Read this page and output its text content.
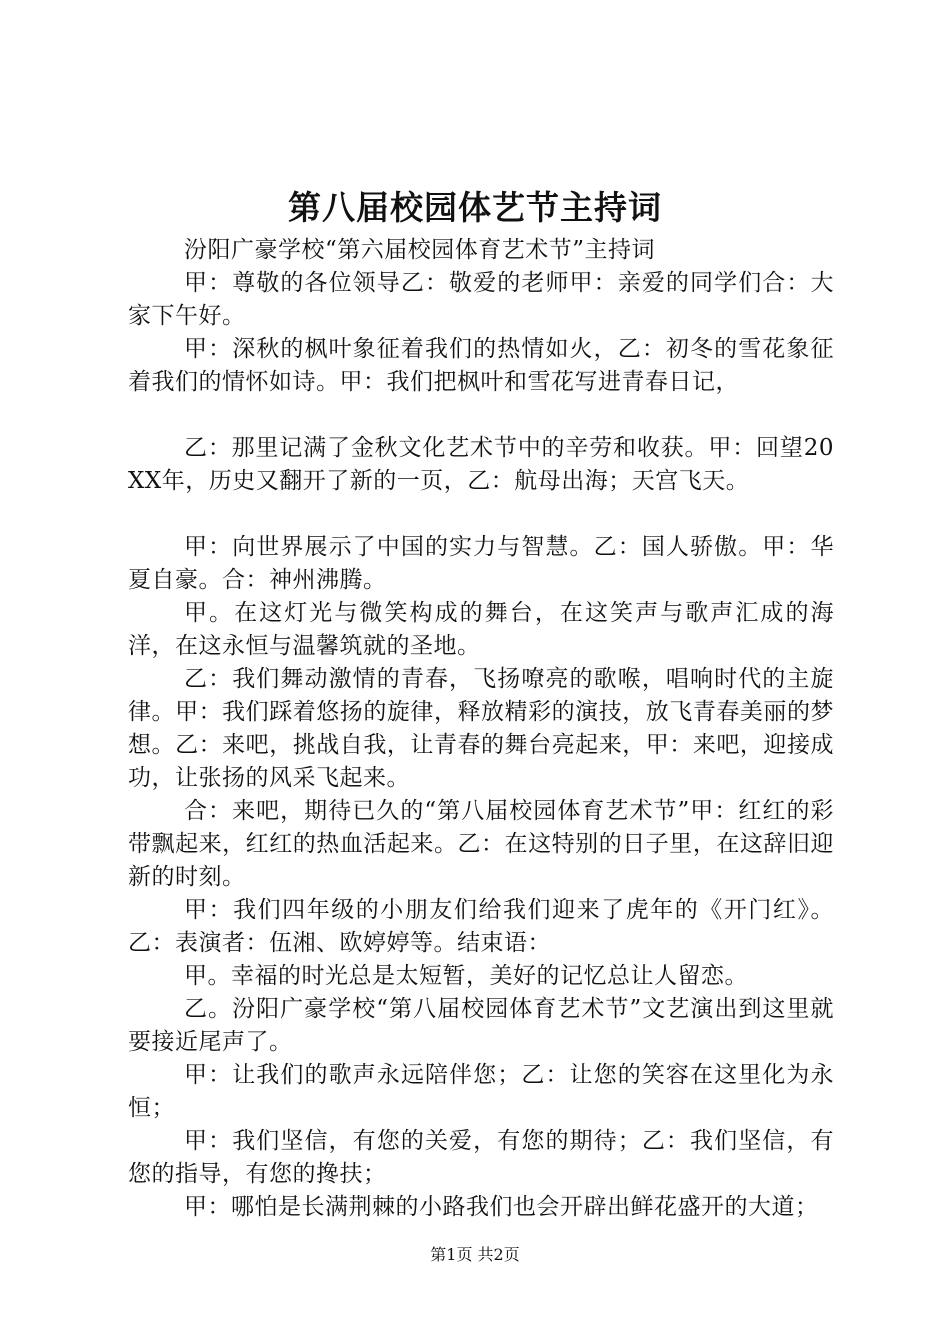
第八届校园体艺节主持词

汾阳广豪学校“第六届校园体育艺术节”主持词

甲：尊敬的各位领导乙：敬爱的老师甲：亲爱的同学们合：大家下午好。

甲：深秋的枫叶象征着我们的热情如火，乙：初冬的雪花象征着我们的情怀如诗。甲：我们把枫叶和雪花写进青春日记，

乙：那里记满了金秋文化艺术节中的辛劳和收获。甲：回望20XX年，历史又翻开了新的一页，乙：航母出海；天宫飞天。

甲：向世界展示了中国的实力与智慧。乙：国人骄傲。甲：华夏自豪。合：神州沸腾。

甲。在这灯光与微笑构成的舞台，在这笑声与歌声汇成的海洋，在这永恒与温馨筑就的圣地。

乙：我们舞动激情的青春，飞扬嘹亮的歌喉，唱响时代的主旋律。甲：我们踩着悠扬的旋律，释放精彩的演技，放飞青春美丽的梦想。乙：来吧，挑战自我，让青春的舞台亮起来，甲：来吧，迎接成功，让张扬的风采飞起来。

合：来吧，期待已久的“第八届校园体育艺术节”甲：红红的彩带飘起来，红红的热血活起来。乙：在这特别的日子里，在这辞旧迎新的时刻。

甲：我们四年级的小朋友们给我们迎来了虎年的《开门红》。乙：表演者：伍湘、欧婷婷等。结束语：

甲。幸福的时光总是太短暂，美好的记忆总让人留恋。

乙。汾阳广豪学校“第八届校园体育艺术节”文艺演出到这里就要接近尾声了。

甲：让我们的歌声永远陪伴您；乙：让您的笑容在这里化为永恒；

甲：我们坚信，有您的关爱，有您的期待；乙：我们坚信，有您的指导，有您的搀扶；

甲：哪怕是长满荆棘的小路我们也会开辟出鲜花盛开的大道；

第1页 共2页
